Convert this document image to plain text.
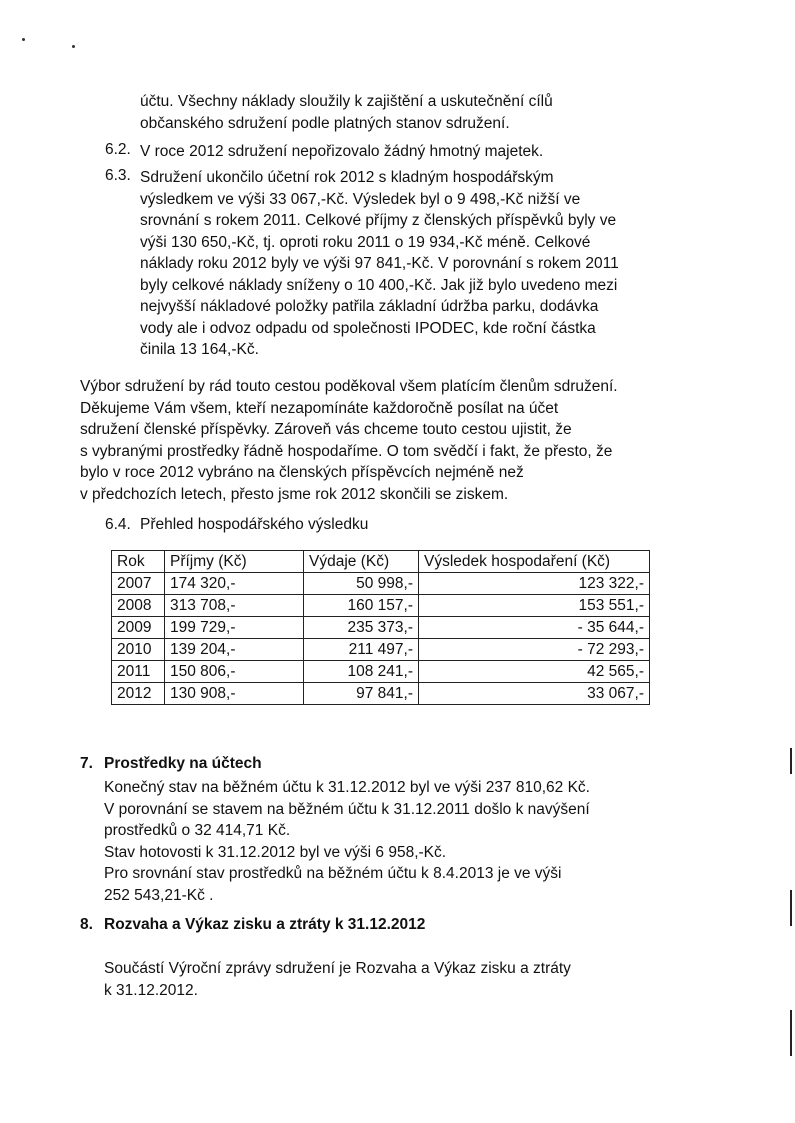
účtu. Všechny náklady sloužily k zajištění a uskutečnění cílů
občanského sdružení podle platných stanov sdružení.
6.2. V roce 2012 sdružení nepořizovalo žádný hmotný majetek.
6.3. Sdružení ukončilo účetní rok 2012 s kladným hospodářským
výsledkem ve výši 33 067,-Kč. Výsledek byl o 9 498,-Kč nižší ve
srovnání s rokem 2011. Celkové příjmy z členských příspěvků byly ve
výši 130 650,-Kč, tj. oproti roku 2011 o 19 934,-Kč méně. Celkové
náklady roku 2012 byly ve výši 97 841,-Kč. V porovnání s rokem 2011
byly celkové náklady sníženy o 10 400,-Kč. Jak již bylo uvedeno mezi
nejvyšší nákladové položky patřila základní údržba parku, dodávka
vody ale i odvoz odpadu od společnosti IPODEC, kde roční částka
činila 13 164,-Kč.
Výbor sdružení by rád touto cestou poděkoval všem platícím členům sdružení.
Děkujeme Vám všem, kteří nezapomínáte každoročně posílat na účet
sdružení členské příspěvky. Zároveň vás chceme touto cestou ujistit, že
s vybranými prostředky řádně hospodaříme. O tom svědčí i fakt, že přesto, že
bylo v roce 2012 vybráno na členských příspěvcích nejméně než
v předchozích letech, přesto jsme rok 2012 skončili se ziskem.
6.4. Přehled hospodářského výsledku
Rok	Příjmy (Kč)	Výdaje (Kč)	Výsledek hospodaření (Kč)
2007	174 320,-	50 998,-	123 322,-
2008	313 708,-	160 157,-	153 551,-
2009	199 729,-	235 373,-	- 35 644,-
2010	139 204,-	211 497,-	- 72 293,-
2011	150 806,-	108 241,-	42 565,-
2012	130 908,-	97 841,-	33 067,-
7. Prostředky na účtech
Konečný stav na běžném účtu k 31.12.2012 byl ve výši 237 810,62 Kč.
V porovnání se stavem na běžném účtu k 31.12.2011 došlo k navýšení
prostředků o 32 414,71 Kč.
Stav hotovosti k 31.12.2012 byl ve výši 6 958,-Kč.
Pro srovnání stav prostředků na běžném účtu k 8.4.2013 je ve výši
252 543,21-Kč .
8. Rozvaha a Výkaz zisku a ztráty k 31.12.2012
Součástí Výroční zprávy sdružení je Rozvaha a Výkaz zisku a ztráty
k 31.12.2012.
